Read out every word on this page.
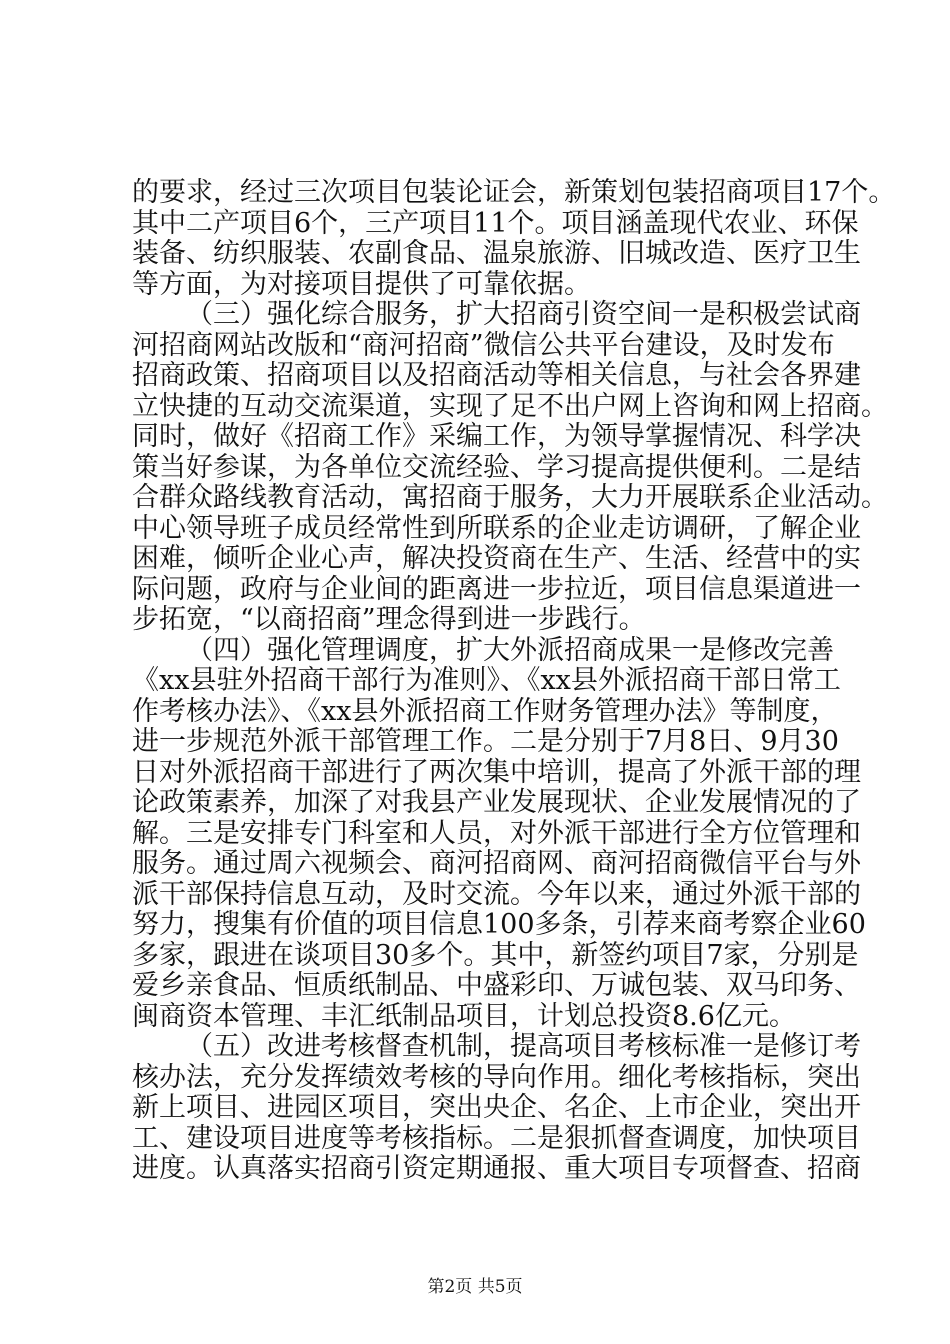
的要求，经过三次项目包装论证会，新策划包装招商项目17个。
其中二产项目6个，三产项目11个。项目涵盖现代农业、环保
装备、纺织服装、农副食品、温泉旅游、旧城改造、医疗卫生
等方面，为对接项目提供了可靠依据。
（三）强化综合服务，扩大招商引资空间一是积极尝试商
河招商网站改版和“商河招商”微信公共平台建设，及时发布
招商政策、招商项目以及招商活动等相关信息，与社会各界建
立快捷的互动交流渠道，实现了足不出户网上咨询和网上招商。
同时，做好《招商工作》采编工作，为领导掌握情况、科学决
策当好参谋，为各单位交流经验、学习提高提供便利。二是结
合群众路线教育活动，寓招商于服务，大力开展联系企业活动。
中心领导班子成员经常性到所联系的企业走访调研，了解企业
困难，倾听企业心声，解决投资商在生产、生活、经营中的实
际问题，政府与企业间的距离进一步拉近，项目信息渠道进一
步拓宽，“以商招商”理念得到进一步践行。
（四）强化管理调度，扩大外派招商成果一是修改完善
《xx县驻外招商干部行为准则》、《xx县外派招商干部日常工
作考核办法》、《xx县外派招商工作财务管理办法》等制度，
进一步规范外派干部管理工作。二是分别于7月8日、9月30
日对外派招商干部进行了两次集中培训，提高了外派干部的理
论政策素养，加深了对我县产业发展现状、企业发展情况的了
解。三是安排专门科室和人员，对外派干部进行全方位管理和
服务。通过周六视频会、商河招商网、商河招商微信平台与外
派干部保持信息互动，及时交流。今年以来，通过外派干部的
努力，搜集有价值的项目信息100多条，引荐来商考察企业60
多家，跟进在谈项目30多个。其中，新签约项目7家，分别是
爱乡亲食品、恒质纸制品、中盛彩印、万诚包装、双马印务、
闽商资本管理、丰汇纸制品项目，计划总投资8.6亿元。
（五）改进考核督查机制，提高项目考核标准一是修订考
核办法，充分发挥绩效考核的导向作用。细化考核指标，突出
新上项目、进园区项目，突出央企、名企、上市企业，突出开
工、建设项目进度等考核指标。二是狠抓督查调度，加快项目
进度。认真落实招商引资定期通报、重大项目专项督查、招商
第2页 共5页
